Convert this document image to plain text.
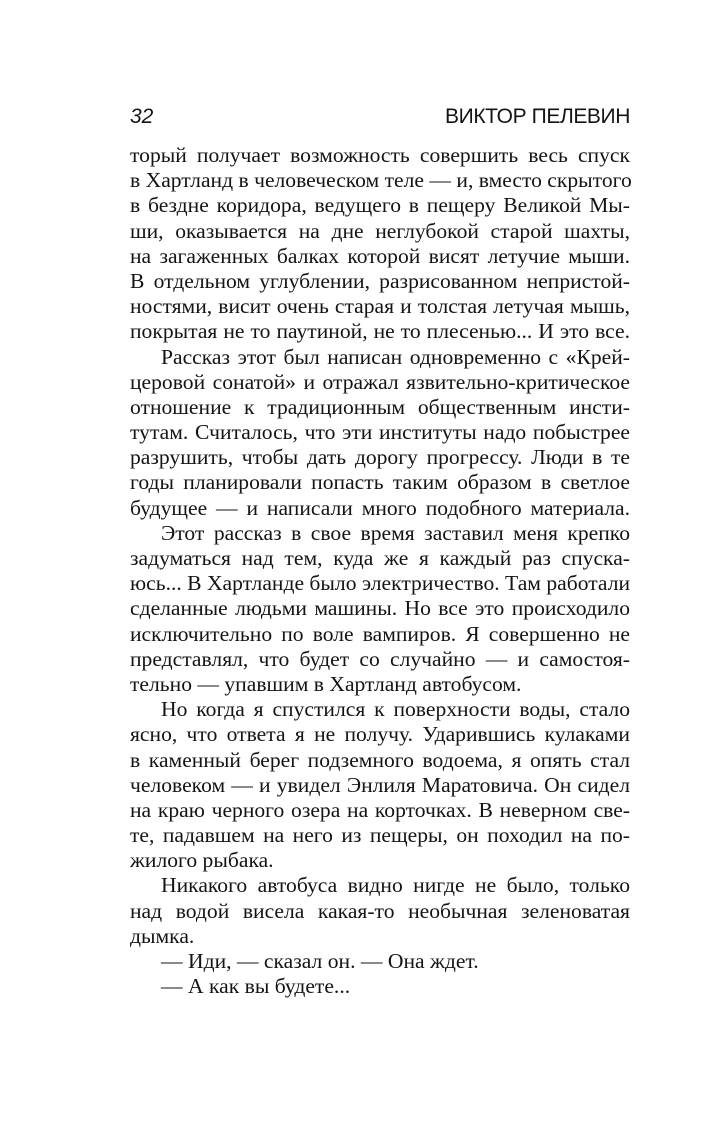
32	ВИКТОР ПЕЛЕВИН

торый получает возможность совершить весь спуск
в Хартланд в человеческом теле — и, вместо скрытого
в бездне коридора, ведущего в пещеру Великой Мы-
ши, оказывается на дне неглубокой старой шахты,
на загаженных балках которой висят летучие мыши.
В отдельном углублении, разрисованном непристой-
ностями, висит очень старая и толстая летучая мышь,
покрытая не то паутиной, не то плесенью... И это все.

Рассказ этот был написан одновременно с «Крей-
церовой сонатой» и отражал язвительно-критическое
отношение к традиционным общественным инсти-
тутам. Считалось, что эти институты надо побыстрее
разрушить, чтобы дать дорогу прогрессу. Люди в те
годы планировали попасть таким образом в светлое
будущее — и написали много подобного материала.

Этот рассказ в свое время заставил меня крепко
задуматься над тем, куда же я каждый раз спуска-
юсь... В Хартланде было электричество. Там работали
сделанные людьми машины. Но все это происходило
исключительно по воле вампиров. Я совершенно не
представлял, что будет со случайно — и самостоя-
тельно — упавшим в Хартланд автобусом.

Но когда я спустился к поверхности воды, стало
ясно, что ответа я не получу. Ударившись кулаками
в каменный берег подземного водоема, я опять стал
человеком — и увидел Энлиля Маратовича. Он сидел
на краю черного озера на корточках. В неверном све-
те, падавшем на него из пещеры, он походил на по-
жилого рыбака.

Никакого автобуса видно нигде не было, только
над водой висела какая-то необычная зеленоватая
дымка.

— Иди, — сказал он. — Она ждет.

— А как вы будете...
